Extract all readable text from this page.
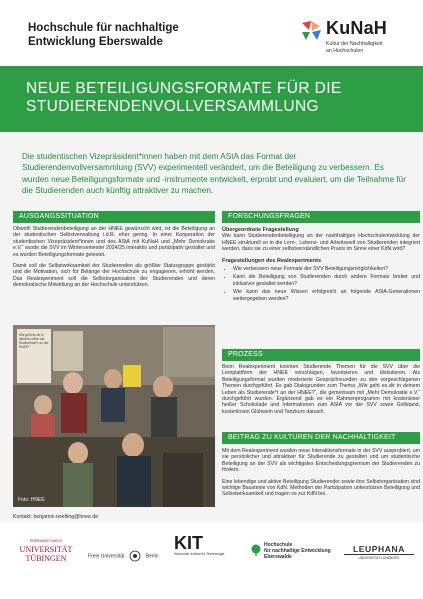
Hochschule für nachhaltige
Entwicklung Eberswalde
KuNaH
Kultur der Nachhaltigkeit
an Hochschulen
NEUE BETEILIGUNGSFORMATE FÜR DIE
STUDIERENDENVOLLVERSAMMLUNG
Die studentischen Vizepräsident*innen haben mit dem AStA das Format der Studierendenvollversammlung (SVV) experimentell verändert, um die Beteiligung zu verbessern. Es wurden neue Beteiligungsformate und -instrumente entwickelt, erprobt und evaluiert, um die Teilnahme für die Studierenden auch künftig attraktiver zu machen.
AUSGANGSSITUATION
Obwohl Studierendenbeteiligung an der HNEE gewünscht wird, ist die Beteiligung an der studentischen Selbstverwaltung i.d.R. eher gering. In einer Kooperation der studentischen Vizepräsident*innen und des AStA mit KuNaH und „Mehr Demokratie e.V.“ wurde die SVV im Wintersemester 2024/25 interaktiv und partizipativ gestaltet und es wurden Beteiligungsformate getestet.
Damit soll die Selbstwirksamkeit der Studierenden als größter Statusgruppe gestärkt und die Motivation, sich für Belange der Hochschule zu engagieren, erhöht werden. Das Realexperiment soll die Selbstorganisation der Studierenden und deren demokratische Mitwirkung an der Hochschule unterstützen.
Wie geht es dir in deinem Leben als Studierende*r an der HNEE?
Foto: HNEE
FORSCHUNGSFRAGEN
Übergeordnete Fragestellung
Wie kann Studierendenbeteiligung an der nachhaltigen Hochschulentwicklung der HNEE strukturell so in die Lern-, Lebens- und Arbeitswelt von Studierenden integriert werden, dass sie zu einer selbstverständlichen Praxis im Sinne einer KdN wird?
Fragestellungen des Realexperiments
• Wie verbessern neue Formate der SVV Beteiligungsmöglichkeiten?
• Kann die Beteiligung von Studierenden durch andere Formate breiter und inklusiver gestaltet werden?
• Wie kann das neue Wissen erfolgreich an folgende AStA-Generationen weitergegeben werden?
PROZESS
Beim Realexperiment konnten Studierende Themen für die SVV über die Lernplattform der HNEE vorschlagen, favorisieren und diskutieren. Als Beteiligungsformat wurden moderierte Gesprächsrunden zu den vorgeschlagenen Themen durchgeführt. Es gab Dialogrunden zum Thema „Wie geht es dir in deinem Leben als Studierende*r an der HNEE?“, die gemeinsam mit „Mehr Demokratie e.V.“ durchgeführt wurden. Ergänzend gab es ein Rahmenprogramm mit kostenloser heißer Schokolade und Informationen zum AStA vor der SVV sowie Grillstand, kostenlosen Glühwein und Tanzkurs danach.
BEITRAG ZU KULTUREN DER NACHHALTIGKEIT
Mit dem Realexperiment wurden neue Interaktionsformate in der SVV ausprobiert, um sie persönlicher und attraktiver für Studierende zu gestalten und um studentische Beteiligung an der SVV als wichtigstes Entscheidungsgremium der Studierenden zu fördern.
Eine lebendige und aktive Beteiligung Studierender sowie ihre Selbstorganisation sind wichtige Bausteine von KdN. Methoden der Partizipation unterstützen Beteiligung und Selbstwirksamkeit und tragen so zur KdN bei.
Kontakt: benjamin.noelting@hnee.de
EBERHARD KARLS
UNIVERSITÄT
TÜBINGEN	Freie Universität	Berlin
KIT
Karlsruher Institut für Technologie
Hochschule
für nachhaltige Entwicklung
Eberswalde
LEUPHANA
UNIVERSITÄT LÜNEBURG
